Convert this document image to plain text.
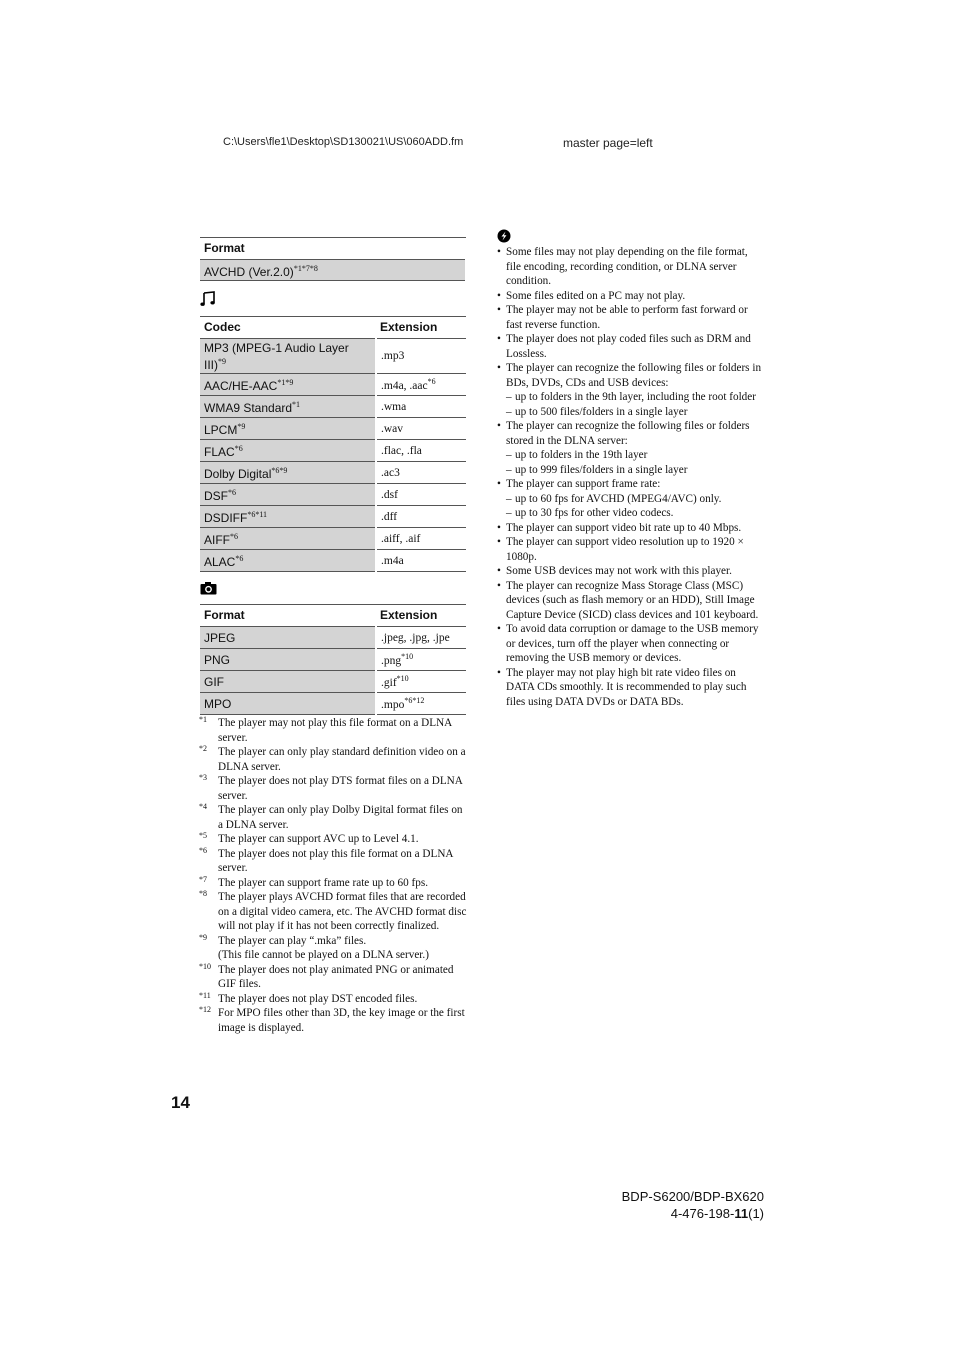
C:\Users\fle1\Desktop\SD130021\US\060ADD.fm	master page=left
Format
AVCHD $(Ver.2.0)^{*1*7*8}$
Codec	Extension
MP3 (MPEG-1 Audio Layer III)$^{*9}$	.mp3
AAC/$HE-AAC^{*1*9}$	.m4a, .aac$^{*6}$
WMA9 Standard$^{*1}$	.wma
LPCM$^{*9}$	.wav
FLAC$^{*6}$	.flac, .fla
Dolby Digital$^{*6*9}$	.ac3
DSF$^{*6}$	.dsf
$DSDIFF^{*6*11}$	.dff
AIFF$^{*6}$	.aiff, .aif
ALAC$^{*6}$	.m4a
Format	Extension
JPEG	.jpeg, .jpg, .jpe
PNG	.png$^{*10}$
GIF	.gif$^{*10}$
MPO	.mpo$^{*6*12}$
*1 The player may not play this file format on a DLNA server.
*2 The player can only play standard definition video on a DLNA server.
*3 The player does not play DTS format files on a DLNA server.
*4 The player can only play Dolby Digital format files on a DLNA server.
*5 The player can support AVC up to Level 4.1.
*6 The player does not play this file format on a DLNA server.
*7 The player can support frame rate up to 60 fps.
*8 The player plays AVCHD format files that are recorded on a digital video camera, etc. The AVCHD format disc will not play if it has not been correctly finalized.
*9 The player can play “.mka” files.
(This file cannot be played on a DLNA server.)
*10 The player does not play animated PNG or animated GIF files.
*11 The player does not play DST encoded files.
*12 For MPO files other than 3D, the key image or the first image is displayed.
• Some files may not play depending on the file format, file encoding, recording condition, or DLNA server condition.
• Some files edited on a PC may not play.
• The player may not be able to perform fast forward or fast reverse function.
• The player does not play coded files such as DRM and Lossless.
• The player can recognize the following files or folders in BDs, DVDs, CDs and USB devices:
– up to folders in the 9th layer, including the root folder
– up to 500 files/folders in a single layer
• The player can recognize the following files or folders stored in the DLNA server:
– up to folders in the 19th layer
– up to 999 files/folders in a single layer
• The player can support frame rate:
– up to 60 fps for AVCHD (MPEG4/AVC) only.
– up to 30 fps for other video codecs.
• The player can support video bit rate up to 40 Mbps.
• The player can support video resolution up to 1920 × 1080p.
• Some USB devices may not work with this player.
• The player can recognize Mass Storage Class (MSC) devices (such as flash memory or an HDD), Still Image Capture Device (SICD) class devices and 101 keyboard.
• To avoid data corruption or damage to the USB memory or devices, turn off the player when connecting or removing the USB memory or devices.
• The player may not play high bit rate video files on DATA CDs smoothly. It is recommended to play such files using DATA DVDs or DATA BDs.
14
BDP-S6200/BDP-BX620
4-476-198-11(1)
